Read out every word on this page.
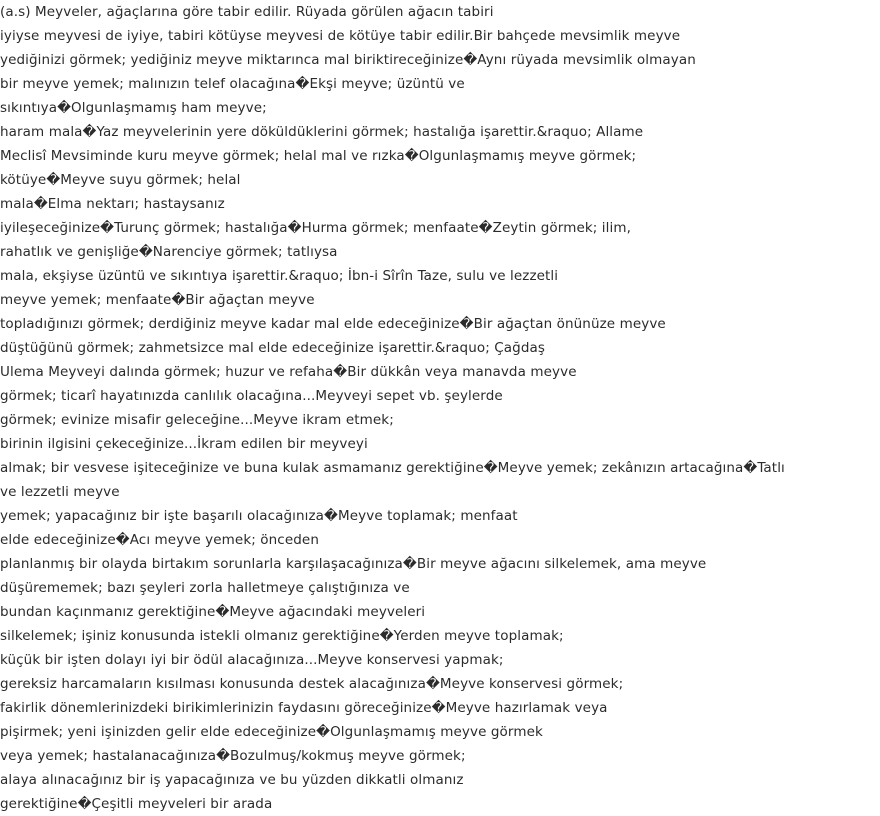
(a.s) Meyveler, ağaçlarına göre tabir edilir. Rüyada görülen ağacın tabiri

iyiyse meyvesi de iyiye, tabiri kötüyse meyvesi de kötüye tabir edilir.Bir bahçede mevsimlik meyve

yediğinizi görmek; yediğiniz meyve miktarınca mal biriktireceğinize�Aynı rüyada mevsimlik olmayan

bir meyve yemek; malınızın telef olacağına�Ekşi meyve; üzüntü ve

sıkıntıya�Olgunlaşmamış ham meyve;

haram mala�Yaz meyvelerinin yere döküldüklerini görmek; hastalığa işarettir.&raquo; Allame

Meclisî Mevsiminde kuru meyve görmek; helal mal ve rızka�Olgunlaşmamış meyve görmek;

kötüye�Meyve suyu görmek; helal

mala�Elma nektarı; hastaysanız

iyileşeceğinize�Turunç görmek; hastalığa�Hurma görmek; menfaate�Zeytin görmek; ilim,

rahatlık ve genişliğe�Narenciye görmek; tatlıysa

mala, ekşiyse üzüntü ve sıkıntıya işarettir.&raquo; İbn-i Sîrîn Taze, sulu ve lezzetli

meyve yemek; menfaate�Bir ağaçtan meyve

topladığınızı görmek; derdiğiniz meyve kadar mal elde edeceğinize�Bir ağaçtan önünüze meyve

düştüğünü görmek; zahmetsizce mal elde edeceğinize işarettir.&raquo; Çağdaş

Ulema Meyveyi dalında görmek; huzur ve refaha�Bir dükkân veya manavda meyve

görmek; ticarî hayatınızda canlılık olacağına...Meyveyi sepet vb. şeylerde

görmek; evinize misafir geleceğine...Meyve ikram etmek;

birinin ilgisini çekeceğinize...İkram edilen bir meyveyi

almak; bir vesvese işiteceğinize ve buna kulak asmamanız gerektiğine�Meyve yemek; zekânızın artacağına�Tatlı

ve lezzetli meyve

yemek; yapacağınız bir işte başarılı olacağınıza�Meyve toplamak; menfaat

elde edeceğinize�Acı meyve yemek; önceden

planlanmış bir olayda birtakım sorunlarla karşılaşacağınıza�Bir meyve ağacını silkelemek, ama meyve

düşürememek; bazı şeyleri zorla halletmeye çalıştığınıza ve

bundan kaçınmanız gerektiğine�Meyve ağacındaki meyveleri

silkelemek; işiniz konusunda istekli olmanız gerektiğine�Yerden meyve toplamak;

küçük bir işten dolayı iyi bir ödül alacağınıza...Meyve konservesi yapmak;

gereksiz harcamaların kısılması konusunda destek alacağınıza�Meyve konservesi görmek;

fakirlik dönemlerinizdeki birikimlerinizin faydasını göreceğinize�Meyve hazırlamak veya

pişirmek; yeni işinizden gelir elde edeceğinize�Olgunlaşmamış meyve görmek

veya yemek; hastalanacağınıza�Bozulmuş/kokmuş meyve görmek;

alaya alınacağınız bir iş yapacağınıza ve bu yüzden dikkatli olmanız

gerektiğine�Çeşitli meyveleri bir arada
